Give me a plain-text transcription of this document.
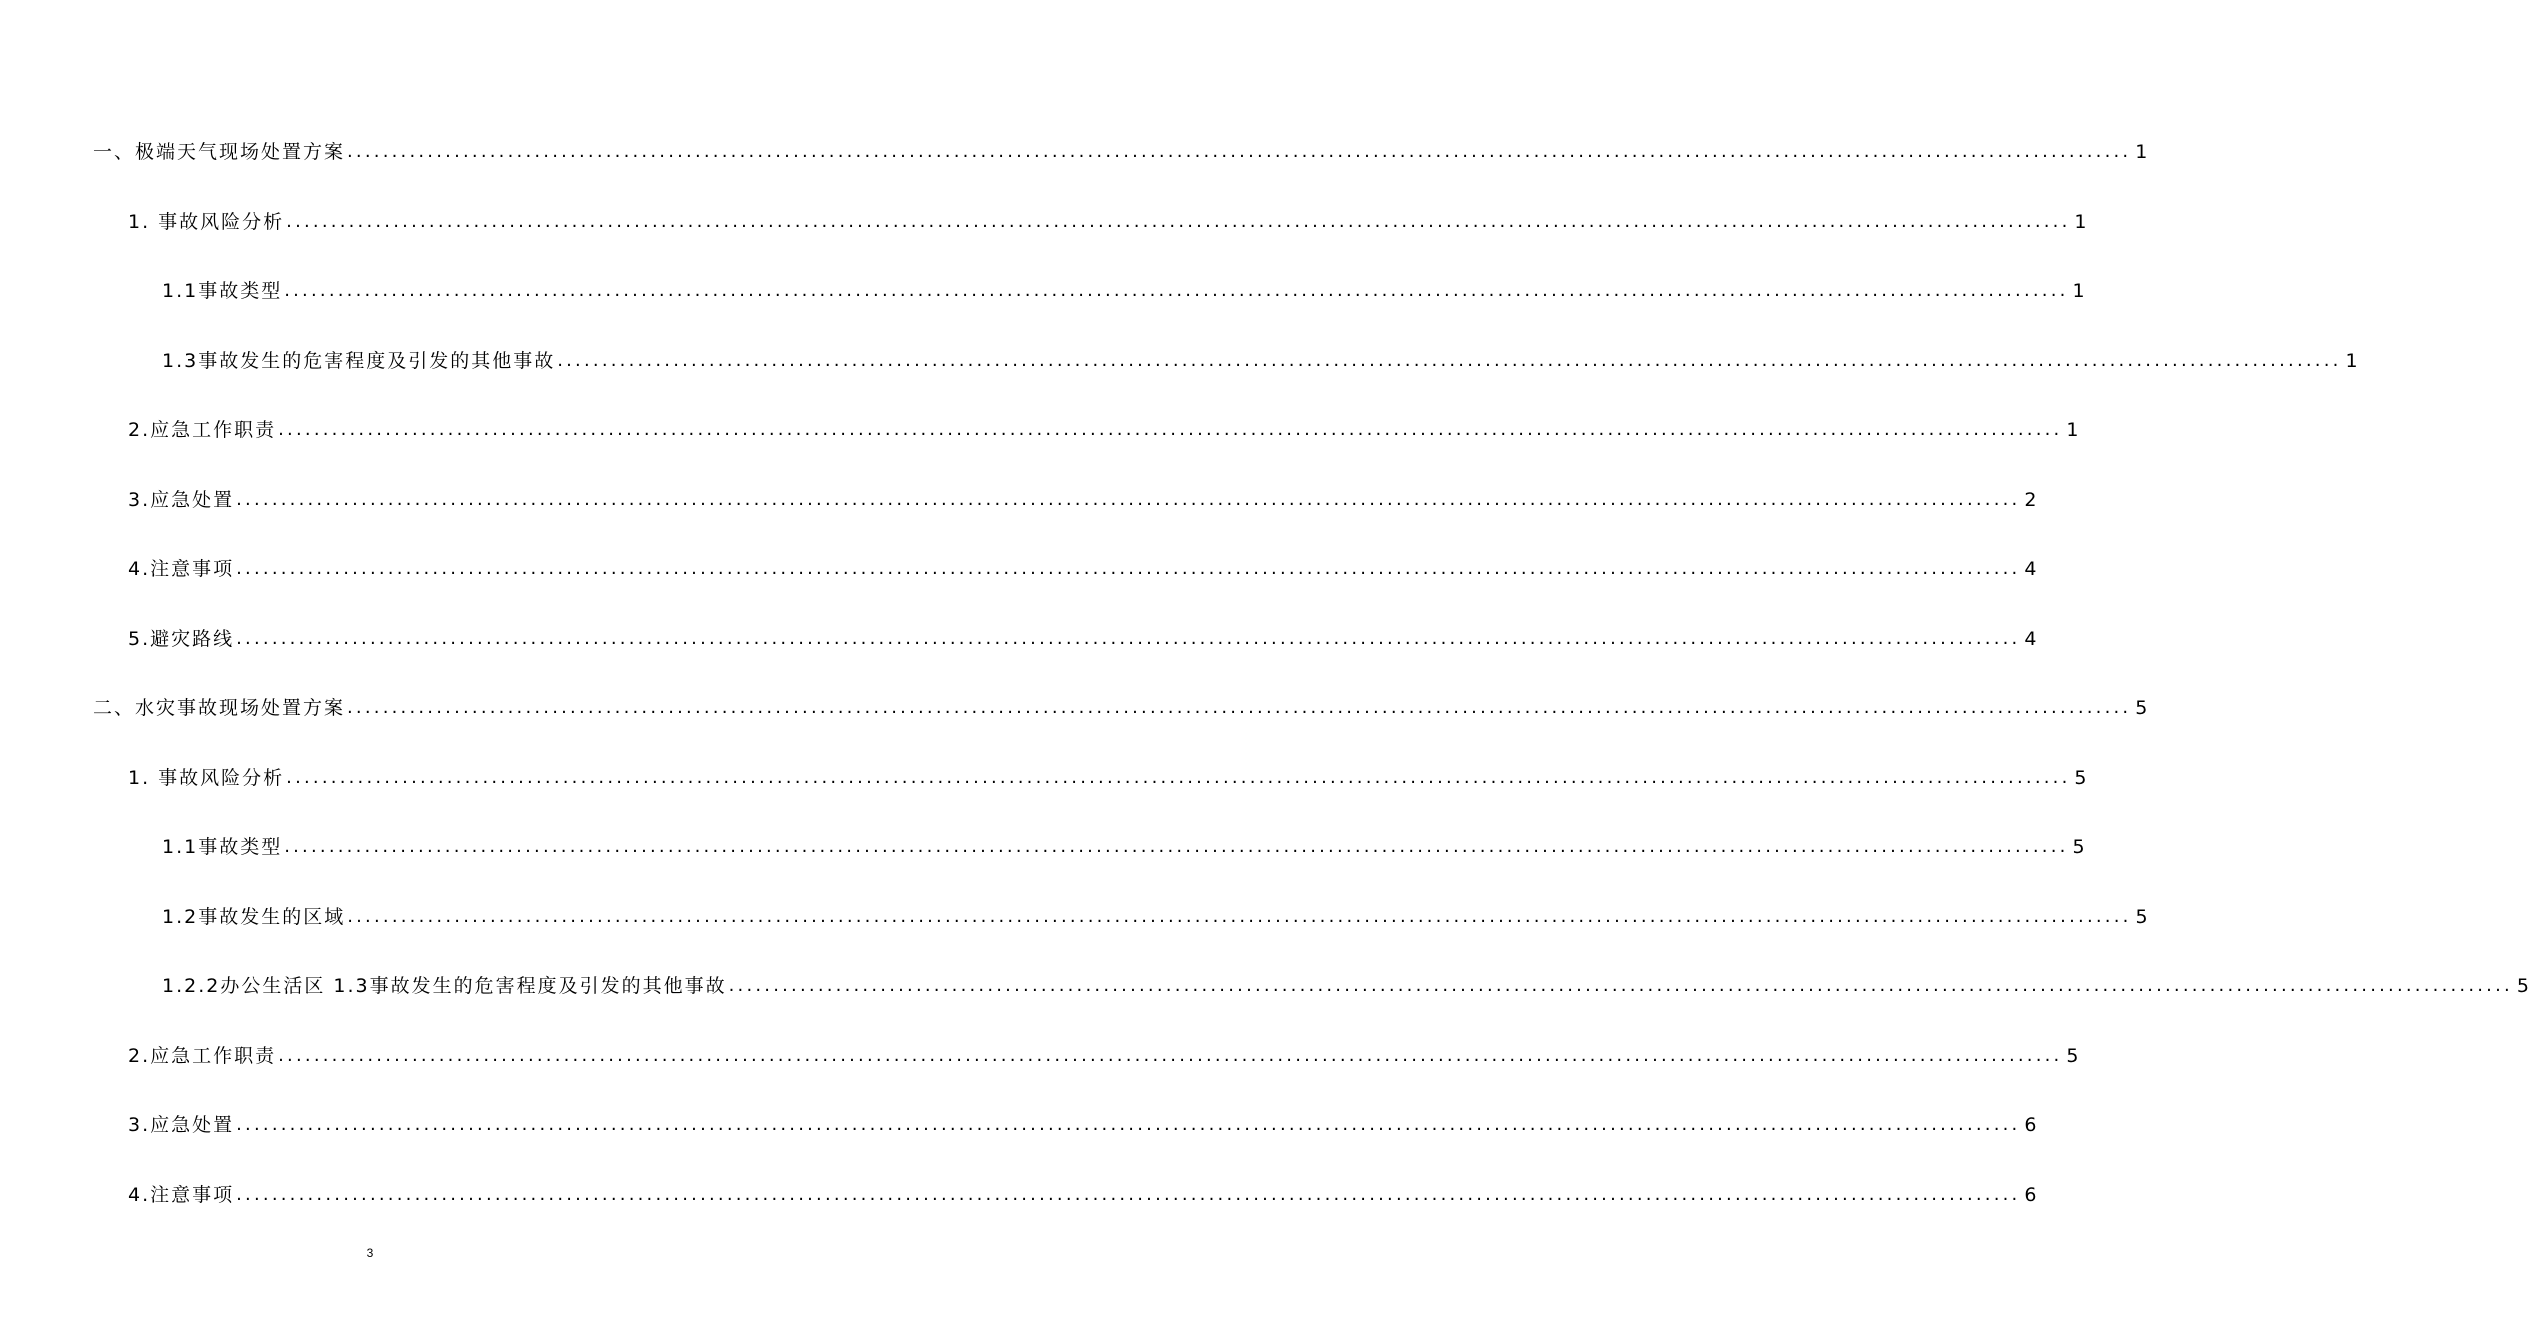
一、极端天气现场处置方案 ........................................................................................................................................................................................................ 1
1. 事故风险分析 ........................................................................................................................................................................................................ 1
1.1事故类型 ........................................................................................................................................................................................................ 1
1.3事故发生的危害程度及引发的其他事故 ........................................................................................................................................................................................................ 1
2.应急工作职责 ........................................................................................................................................................................................................ 1
3.应急处置 ........................................................................................................................................................................................................ 2
4.注意事项 ........................................................................................................................................................................................................ 4
5.避灾路线 ........................................................................................................................................................................................................ 4
二、水灾事故现场处置方案 ........................................................................................................................................................................................................ 5
1. 事故风险分析 ........................................................................................................................................................................................................ 5
1.1事故类型 ........................................................................................................................................................................................................ 5
1.2事故发生的区域 ........................................................................................................................................................................................................ 5
1.2.2办公生活区 1.3事故发生的危害程度及引发的其他事故 ........................................................................................................................................................................................................ 5
2.应急工作职责 ........................................................................................................................................................................................................ 5
3.应急处置 ........................................................................................................................................................................................................ 6
4.注意事项 ........................................................................................................................................................................................................ 6
3
